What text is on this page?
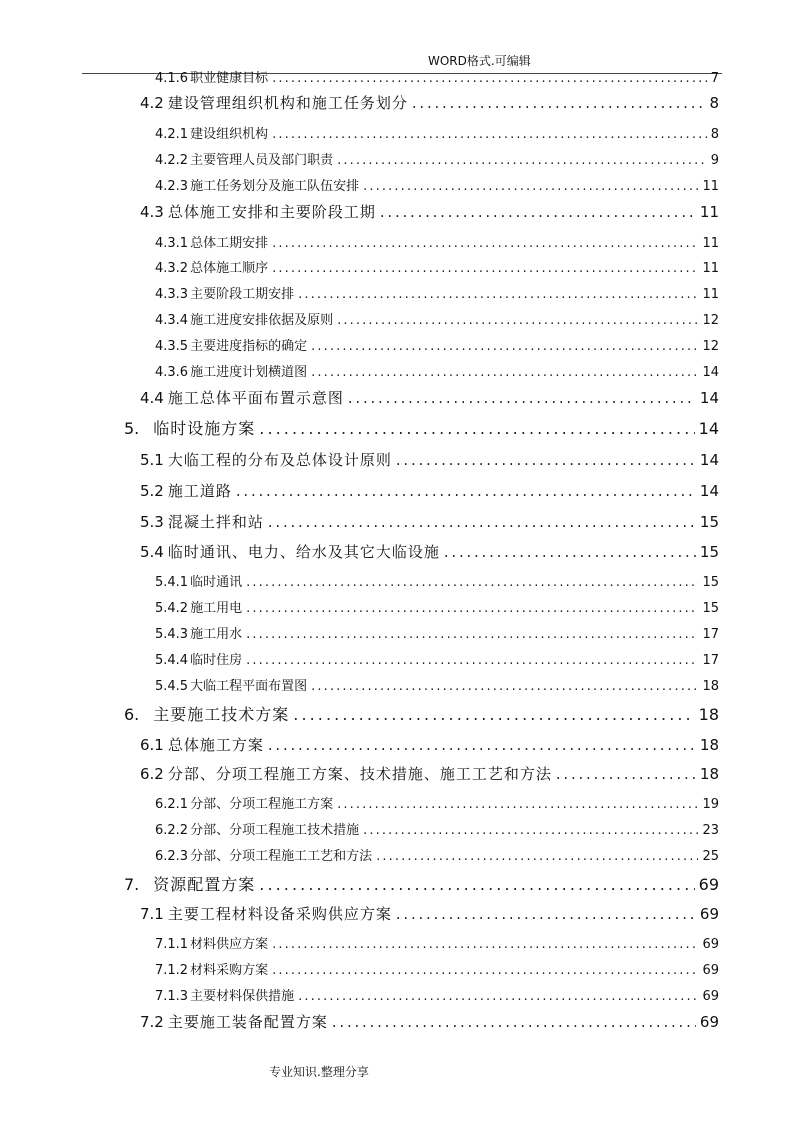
WORD格式.可编辑
4.1.6 职业健康目标 . . .	7
4.2 建设管理组织机构和施工任务划分 . . .	8
4.2.1 建设组织机构 . . .	8
4.2.2 主要管理人员及部门职责 . . .	9
4.2.3 施工任务划分及施工队伍安排 . . .	11
4.3 总体施工安排和主要阶段工期 . . .	11
4.3.1 总体工期安排 . . .	11
4.3.2 总体施工顺序 . . .	11
4.3.3 主要阶段工期安排 . . .	11
4.3.4 施工进度安排依据及原则 . . .	12
4.3.5 主要进度指标的确定 . . .	12
4.3.6 施工进度计划横道图 . . .	14
4.4 施工总体平面布置示意图 . . .	14
5. 临时设施方案 . . .	14
5.1 大临工程的分布及总体设计原则 . . .	14
5.2 施工道路 . . .	14
5.3 混凝土拌和站 . . .	15
5.4 临时通讯、电力、给水及其它大临设施 . . .	15
5.4.1 临时通讯 . . .	15
5.4.2 施工用电 . . .	15
5.4.3 施工用水 . . .	17
5.4.4 临时住房 . . .	17
5.4.5 大临工程平面布置图 . . .	18
6. 主要施工技术方案 . . .	18
6.1 总体施工方案 . . .	18
6.2 分部、分项工程施工方案、技术措施、施工工艺和方法 . . .	18
6.2.1 分部、分项工程施工方案 . . .	19
6.2.2 分部、分项工程施工技术措施 . . .	23
6.2.3 分部、分项工程施工工艺和方法 . . .	25
7. 资源配置方案 . . .	69
7.1 主要工程材料设备采购供应方案 . . .	69
7.1.1 材料供应方案 . . .	69
7.1.2 材料采购方案 . . .	69
7.1.3 主要材料保供措施 . . .	69
7.2 主要施工装备配置方案 . . .	69
专业知识.整理分享
